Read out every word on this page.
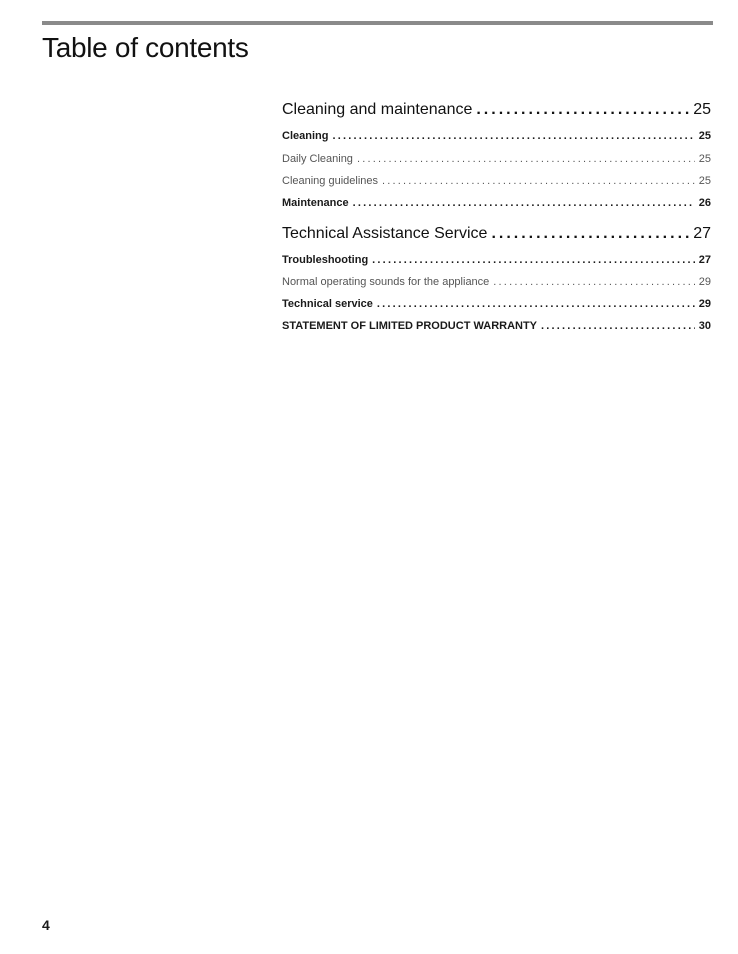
Table of contents
Cleaning and maintenance .....	25
Cleaning .....	25
Daily Cleaning .....	25
Cleaning guidelines .....	25
Maintenance .....	26
Technical Assistance Service .....	27
Troubleshooting .....	27
Normal operating sounds for the appliance .....	29
Technical service .....	29
STATEMENT OF LIMITED PRODUCT WARRANTY .....	30
4
